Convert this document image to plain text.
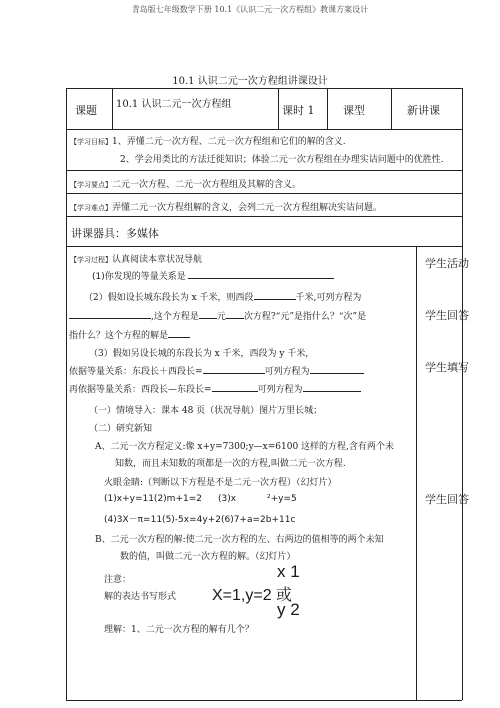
青岛版七年级数学下册 10.1《认识二元一次方程组》教课方案设计
10.1 认识二元一次方程组讲课设计
课题 10.1 认识二元一次方程组	课时 1	课型	新讲课
【学习目标】1、弄懂二元一次方程、二元一次方程组和它们的解的含义.
2、学会用类比的方法迁徙知识；体验二元一次方程组在办理实诘问题中的优胜性.
【学习要点】二元一次方程、二元一次方程组及其解的含义。
【学习难点】弄懂二元一次方程组解的含义，会列二元一次方程组解决实诘问题。
讲课器具：多媒体
学生活动
学生回答
学生填写
学生回答
【学习过程】认真阅读本章状况导航
(1)你发现的等量关系是
（2）假如设长城东段长为 x 千米，则西段	千米,可列方程为
,这个方程是 元 次方程?“元”是指什么？“次”是
指什么？这个方程的解是
（3）假如另设长城的东段长为 x 千米，西段为 y 千米,
依据等量关系：东段长＋西段长=	可列方程为
再依据等量关系：西段长—东段长=	可列方程为
（一）情境导入：课本 48 页（状况导航）图片万里长城；
（二）研究新知
A、二元一次方程定义:像 x+y=7300;y—x=6100 这样的方程,含有两个未
知数，而且未知数的项都是一次的方程,叫做二元一次方程.
火眼金睛:（判断以下方程是不是二元一次方程）（幻灯片）
(1)x+y=11(2)m+1=2 (3)x	²+y=5
(4)3X－π=11(5)-5x=4y+2(6)7+a=2b+11c
B、二元一次方程的解:使二元一次方程的左、右两边的值相等的两个未知
数的值，叫做二元一次方程的解。（幻灯片）
注意：
解的表达书写形式
x 1
X=1,y=2 或
y 2
理解：1、二元一次方程的解有几个？
